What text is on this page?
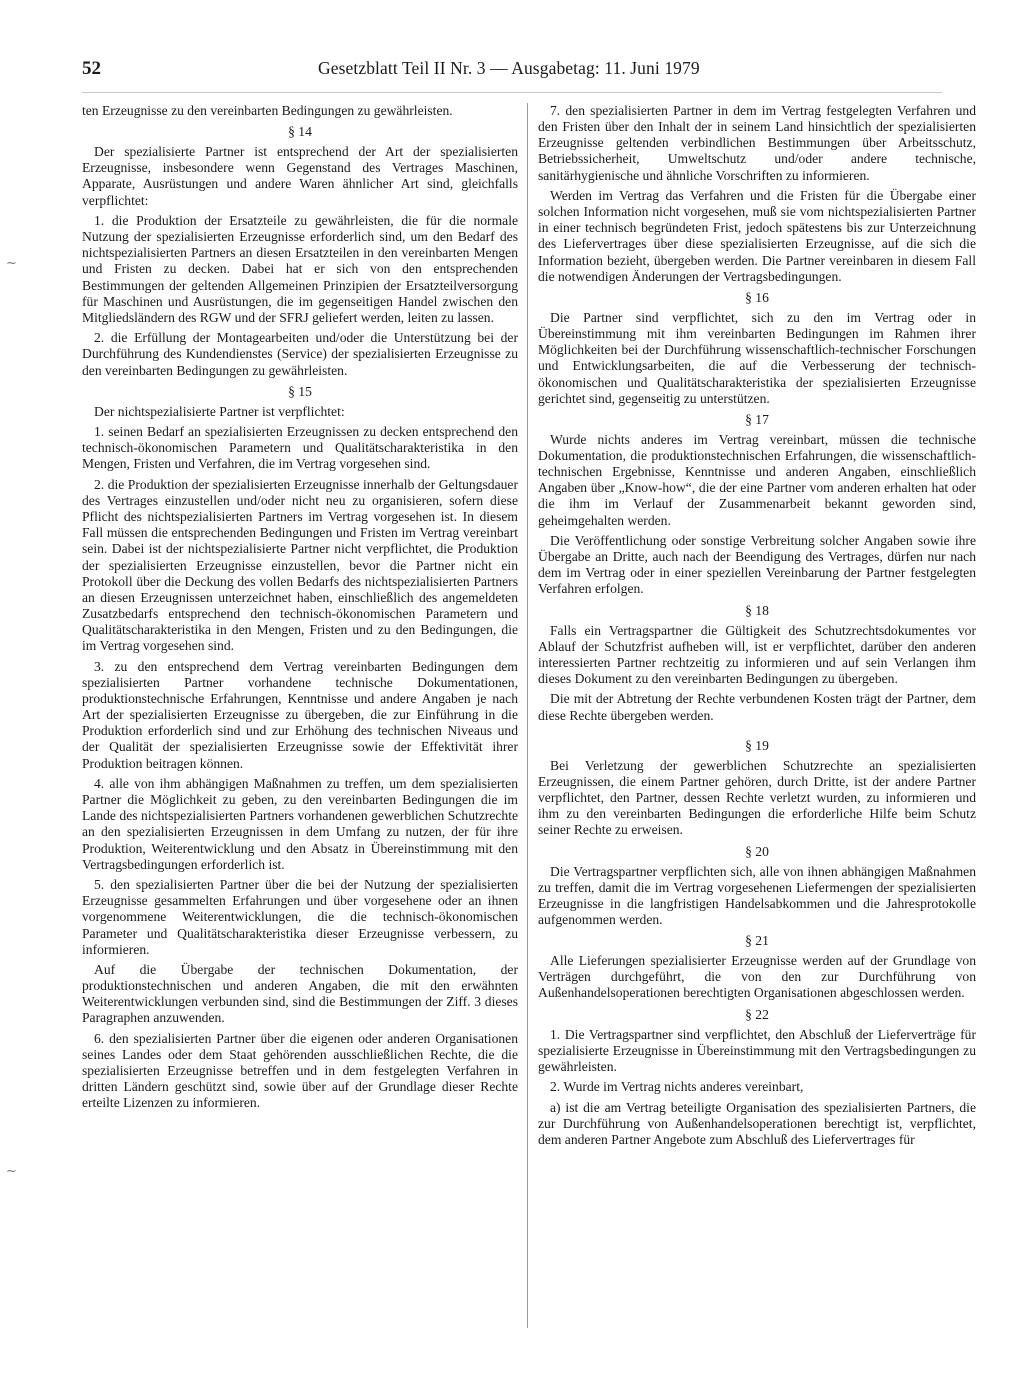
52	Gesetzblatt Teil II Nr. 3 — Ausgabetag: 11. Juni 1979
~
~

ten Erzeugnisse zu den vereinbarten Bedingungen zu gewährleisten.

§ 14

Der spezialisierte Partner ist entsprechend der Art der spezialisierten Erzeugnisse, insbesondere wenn Gegenstand des Vertrages Maschinen, Apparate, Ausrüstungen und andere Waren ähnlicher Art sind, gleichfalls verpflichtet:

1. die Produktion der Ersatzteile zu gewährleisten, die für die normale Nutzung der spezialisierten Erzeugnisse erforderlich sind, um den Bedarf des nichtspezialisierten Partners an diesen Ersatzteilen in den vereinbarten Mengen und Fristen zu decken. Dabei hat er sich von den entsprechenden Bestimmungen der geltenden Allgemeinen Prinzipien der Ersatzteilversorgung für Maschinen und Ausrüstungen, die im gegenseitigen Handel zwischen den Mitgliedsländern des RGW und der SFRJ geliefert werden, leiten zu lassen.

2. die Erfüllung der Montagearbeiten und/oder die Unterstützung bei der Durchführung des Kundendienstes (Service) der spezialisierten Erzeugnisse zu den vereinbarten Bedingungen zu gewährleisten.

§ 15

Der nichtspezialisierte Partner ist verpflichtet:

1. seinen Bedarf an spezialisierten Erzeugnissen zu decken entsprechend den technisch-ökonomischen Parametern und Qualitätscharakteristika in den Mengen, Fristen und Verfahren, die im Vertrag vorgesehen sind.

2. die Produktion der spezialisierten Erzeugnisse innerhalb der Geltungsdauer des Vertrages einzustellen und/oder nicht neu zu organisieren, sofern diese Pflicht des nichtspezialisierten Partners im Vertrag vorgesehen ist. In diesem Fall müssen die entsprechenden Bedingungen und Fristen im Vertrag vereinbart sein. Dabei ist der nichtspezialisierte Partner nicht verpflichtet, die Produktion der spezialisierten Erzeugnisse einzustellen, bevor die Partner nicht ein Protokoll über die Deckung des vollen Bedarfs des nichtspezialisierten Partners an diesen Erzeugnissen unterzeichnet haben, einschließlich des angemeldeten Zusatzbedarfs entsprechend den technisch-ökonomischen Parametern und Qualitätscharakteristika in den Mengen, Fristen und zu den Bedingungen, die im Vertrag vorgesehen sind.

3. zu den entsprechend dem Vertrag vereinbarten Bedingungen dem spezialisierten Partner vorhandene technische Dokumentationen, produktionstechnische Erfahrungen, Kenntnisse und andere Angaben je nach Art der spezialisierten Erzeugnisse zu übergeben, die zur Einführung in die Produktion erforderlich sind und zur Erhöhung des technischen Niveaus und der Qualität der spezialisierten Erzeugnisse sowie der Effektivität ihrer Produktion beitragen können.

4. alle von ihm abhängigen Maßnahmen zu treffen, um dem spezialisierten Partner die Möglichkeit zu geben, zu den vereinbarten Bedingungen die im Lande des nichtspezialisierten Partners vorhandenen gewerblichen Schutzrechte an den spezialisierten Erzeugnissen in dem Umfang zu nutzen, der für ihre Produktion, Weiterentwicklung und den Absatz in Übereinstimmung mit den Vertragsbedingungen erforderlich ist.

5. den spezialisierten Partner über die bei der Nutzung der spezialisierten Erzeugnisse gesammelten Erfahrungen und über vorgesehene oder an ihnen vorgenommene Weiterentwicklungen, die die technisch-ökonomischen Parameter und Qualitätscharakteristika dieser Erzeugnisse verbessern, zu informieren.

Auf die Übergabe der technischen Dokumentation, der produktionstechnischen und anderen Angaben, die mit den erwähnten Weiterentwicklungen verbunden sind, sind die Bestimmungen der Ziff. 3 dieses Paragraphen anzuwenden.

6. den spezialisierten Partner über die eigenen oder anderen Organisationen seines Landes oder dem Staat gehörenden ausschließlichen Rechte, die die spezialisierten Erzeugnisse betreffen und in dem festgelegten Verfahren in dritten Ländern geschützt sind, sowie über auf der Grundlage dieser Rechte erteilte Lizenzen zu informieren.

7. den spezialisierten Partner in dem im Vertrag festgelegten Verfahren und den Fristen über den Inhalt der in seinem Land hinsichtlich der spezialisierten Erzeugnisse geltenden verbindlichen Bestimmungen über Arbeitsschutz, Betriebssicherheit, Umweltschutz und/oder andere technische, sanitärhygienische und ähnliche Vorschriften zu informieren.

Werden im Vertrag das Verfahren und die Fristen für die Übergabe einer solchen Information nicht vorgesehen, muß sie vom nichtspezialisierten Partner in einer technisch begründeten Frist, jedoch spätestens bis zur Unterzeichnung des Liefervertrages über diese spezialisierten Erzeugnisse, auf die sich die Information bezieht, übergeben werden. Die Partner vereinbaren in diesem Fall die notwendigen Änderungen der Vertragsbedingungen.

§ 16

Die Partner sind verpflichtet, sich zu den im Vertrag oder in Übereinstimmung mit ihm vereinbarten Bedingungen im Rahmen ihrer Möglichkeiten bei der Durchführung wissenschaftlich-technischer Forschungen und Entwicklungsarbeiten, die auf die Verbesserung der technisch-ökonomischen und Qualitätscharakteristika der spezialisierten Erzeugnisse gerichtet sind, gegenseitig zu unterstützen.

§ 17

Wurde nichts anderes im Vertrag vereinbart, müssen die technische Dokumentation, die produktionstechnischen Erfahrungen, die wissenschaftlich-technischen Ergebnisse, Kenntnisse und anderen Angaben, einschließlich Angaben über „Know-how“, die der eine Partner vom anderen erhalten hat oder die ihm im Verlauf der Zusammenarbeit bekannt geworden sind, geheimgehalten werden.

Die Veröffentlichung oder sonstige Verbreitung solcher Angaben sowie ihre Übergabe an Dritte, auch nach der Beendigung des Vertrages, dürfen nur nach dem im Vertrag oder in einer speziellen Vereinbarung der Partner festgelegten Verfahren erfolgen.

§ 18

Falls ein Vertragspartner die Gültigkeit des Schutzrechtsdokumentes vor Ablauf der Schutzfrist aufheben will, ist er verpflichtet, darüber den anderen interessierten Partner rechtzeitig zu informieren und auf sein Verlangen ihm dieses Dokument zu den vereinbarten Bedingungen zu übergeben.

Die mit der Abtretung der Rechte verbundenen Kosten trägt der Partner, dem diese Rechte übergeben werden.

§ 19

Bei Verletzung der gewerblichen Schutzrechte an spezialisierten Erzeugnissen, die einem Partner gehören, durch Dritte, ist der andere Partner verpflichtet, den Partner, dessen Rechte verletzt wurden, zu informieren und ihm zu den vereinbarten Bedingungen die erforderliche Hilfe beim Schutz seiner Rechte zu erweisen.

§ 20

Die Vertragspartner verpflichten sich, alle von ihnen abhängigen Maßnahmen zu treffen, damit die im Vertrag vorgesehenen Liefermengen der spezialisierten Erzeugnisse in die langfristigen Handelsabkommen und die Jahresprotokolle aufgenommen werden.

§ 21

Alle Lieferungen spezialisierter Erzeugnisse werden auf der Grundlage von Verträgen durchgeführt, die von den zur Durchführung von Außenhandelsoperationen berechtigten Organisationen abgeschlossen werden.

§ 22

1. Die Vertragspartner sind verpflichtet, den Abschluß der Lieferverträge für spezialisierte Erzeugnisse in Übereinstimmung mit den Vertragsbedingungen zu gewährleisten.

2. Wurde im Vertrag nichts anderes vereinbart,

a) ist die am Vertrag beteiligte Organisation des spezialisierten Partners, die zur Durchführung von Außenhandelsoperationen berechtigt ist, verpflichtet, dem anderen Partner Angebote zum Abschluß des Liefervertrages für
